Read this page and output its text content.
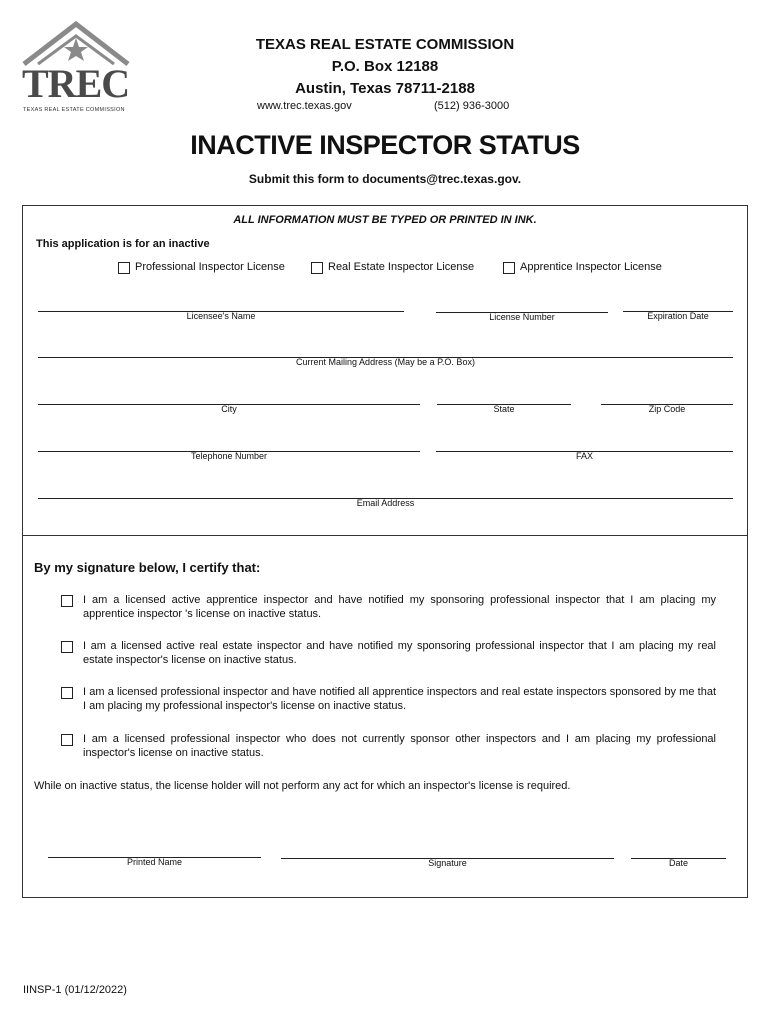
TREC
TEXAS REAL ESTATE COMMISSION
TEXAS REAL ESTATE COMMISSION
P.O. Box 12188
Austin, Texas 78711-2188
www.trec.texas.gov	(512) 936-3000
INACTIVE INSPECTOR STATUS
Submit this form to documents@trec.texas.gov.
ALL INFORMATION MUST BE TYPED OR PRINTED IN INK.
This application is for an inactive
Professional Inspector License	Real Estate Inspector License	Apprentice Inspector License
Licensee's Name	License Number	Expiration Date
Current Mailing Address (May be a P.O. Box)
City	State	Zip Code
Telephone Number	FAX
Email Address
By my signature below, I certify that:
I am a licensed active apprentice inspector and have notified my sponsoring professional inspector that I am placing my apprentice inspector 's license on inactive status.
I am a licensed active real estate inspector and have notified my sponsoring professional inspector that I am placing my real estate inspector's license on inactive status.
I am a licensed professional inspector and have notified all apprentice inspectors and real estate inspectors sponsored by me that I am placing my professional inspector's license on inactive status.
I am a licensed professional inspector who does not currently sponsor other inspectors and I am placing my professional inspector's license on inactive status.
While on inactive status, the license holder will not perform any act for which an inspector's license is required.
Printed Name	Signature	Date
IINSP-1 (01/12/2022)
